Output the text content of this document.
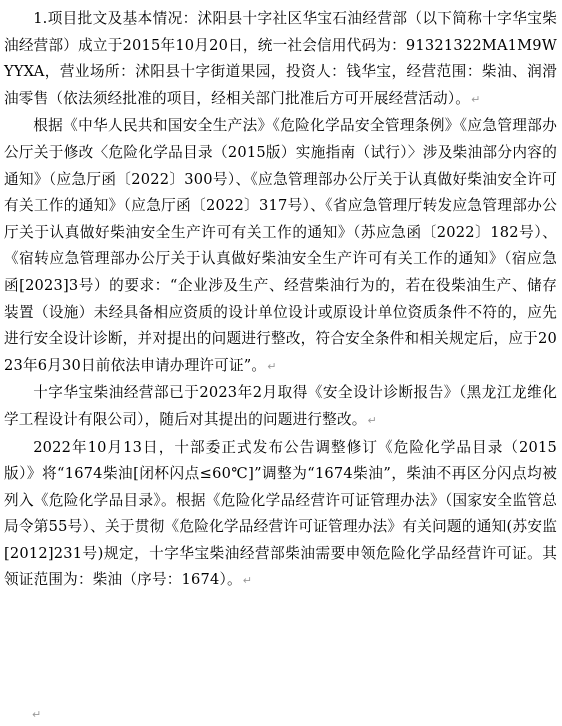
1.项目批文及基本情况：沭阳县十字社区华宝石油经营部（以下简称十字华宝柴油经营部）成立于2015年10月20日，统一社会信用代码为：91321322MA1M9WYYXA，营业场所：沭阳县十字街道果园，投资人：钱华宝，经营范围：柴油、润滑油零售（依法须经批准的项目，经相关部门批准后方可开展经营活动）。↵

根据《中华人民共和国安全生产法》《危险化学品安全管理条例》《应急管理部办公厅关于修改〈危险化学品目录（2015版）实施指南（试行）〉涉及柴油部分内容的通知》（应急厅函〔2022〕300号）、《应急管理部办公厅关于认真做好柴油安全许可有关工作的通知》（应急厅函〔2022〕317号）、《省应急管理厅转发应急管理部办公厅关于认真做好柴油安全生产许可有关工作的通知》（苏应急函〔2022〕182号）、《宿转应急管理部办公厅关于认真做好柴油安全生产许可有关工作的通知》（宿应急函[2023]3号）的要求：“企业涉及生产、经营柴油行为的，若在役柴油生产、储存装置（设施）未经具备相应资质的设计单位设计或原设计单位资质条件不符的，应先进行安全设计诊断，并对提出的问题进行整改，符合安全条件和相关规定后，应于2023年6月30日前依法申请办理许可证”。↵

十字华宝柴油经营部已于2023年2月取得《安全设计诊断报告》（黑龙江龙维化学工程设计有限公司），随后对其提出的问题进行整改。↵

2022年10月13日，十部委正式发布公告调整修订《危险化学品目录（2015版）》将“1674柴油[闭杯闪点≤60℃]”调整为“1674柴油”，柴油不再区分闪点均被列入《危险化学品目录》。根据《危险化学品经营许可证管理办法》（国家安全监管总局令第55号）、关于贯彻《危险化学品经营许可证管理办法》有关问题的通知(苏安监[2012]231号)规定，十字华宝柴油经营部柴油需要申领危险化学品经营许可证。其领证范围为：柴油（序号：1674）。↵

↵
